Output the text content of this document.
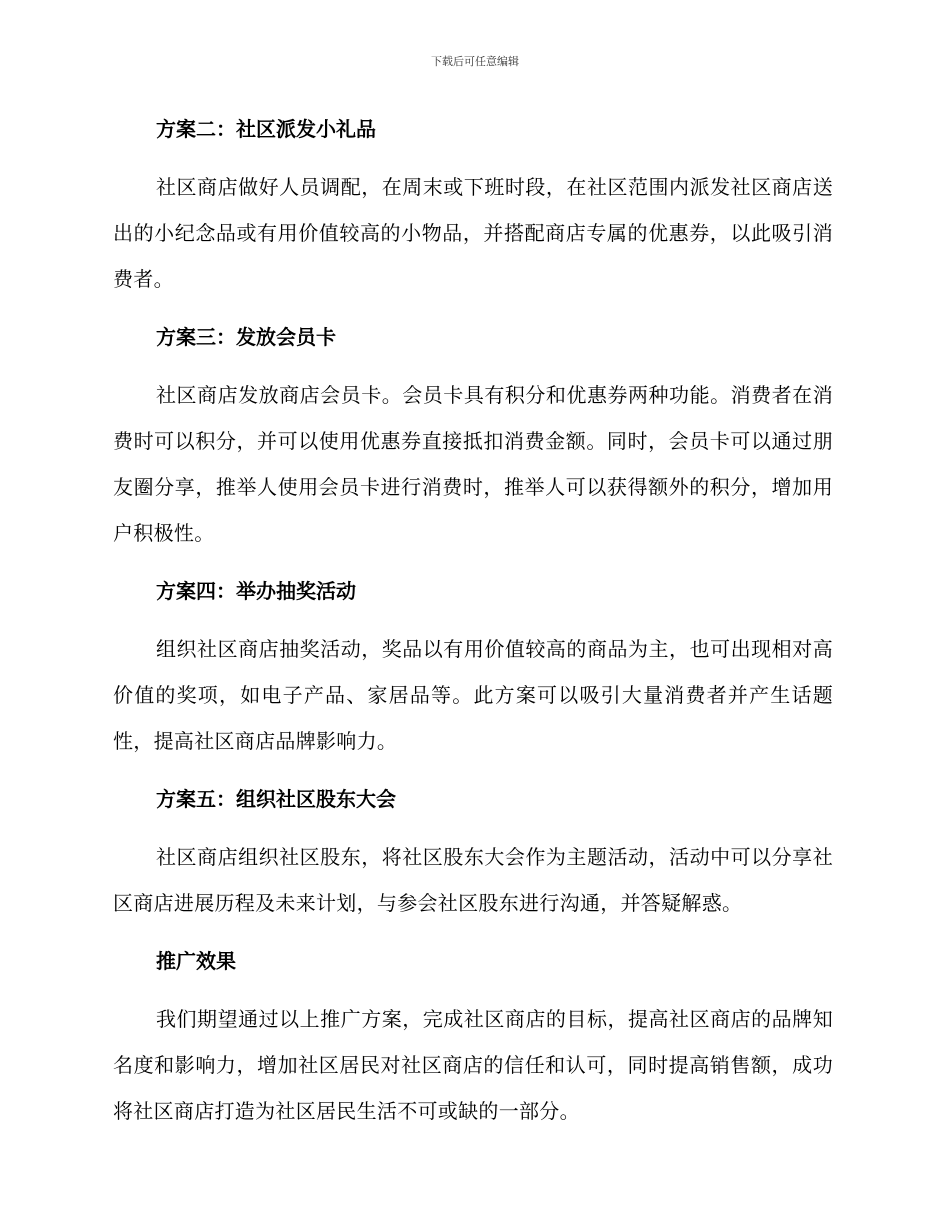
下载后可任意编辑
方案二：社区派发小礼品

社区商店做好人员调配，在周末或下班时段，在社区范围内派发社区商店送出的小纪念品或有用价值较高的小物品，并搭配商店专属的优惠券，以此吸引消费者。

方案三：发放会员卡

社区商店发放商店会员卡。会员卡具有积分和优惠券两种功能。消费者在消费时可以积分，并可以使用优惠券直接抵扣消费金额。同时，会员卡可以通过朋友圈分享，推举人使用会员卡进行消费时，推举人可以获得额外的积分，增加用户积极性。

方案四：举办抽奖活动

组织社区商店抽奖活动，奖品以有用价值较高的商品为主，也可出现相对高价值的奖项，如电子产品、家居品等。此方案可以吸引大量消费者并产生话题性，提高社区商店品牌影响力。

方案五：组织社区股东大会

社区商店组织社区股东，将社区股东大会作为主题活动，活动中可以分享社区商店进展历程及未来计划，与参会社区股东进行沟通，并答疑解惑。

推广效果

我们期望通过以上推广方案，完成社区商店的目标，提高社区商店的品牌知名度和影响力，增加社区居民对社区商店的信任和认可，同时提高销售额，成功将社区商店打造为社区居民生活不可或缺的一部分。
